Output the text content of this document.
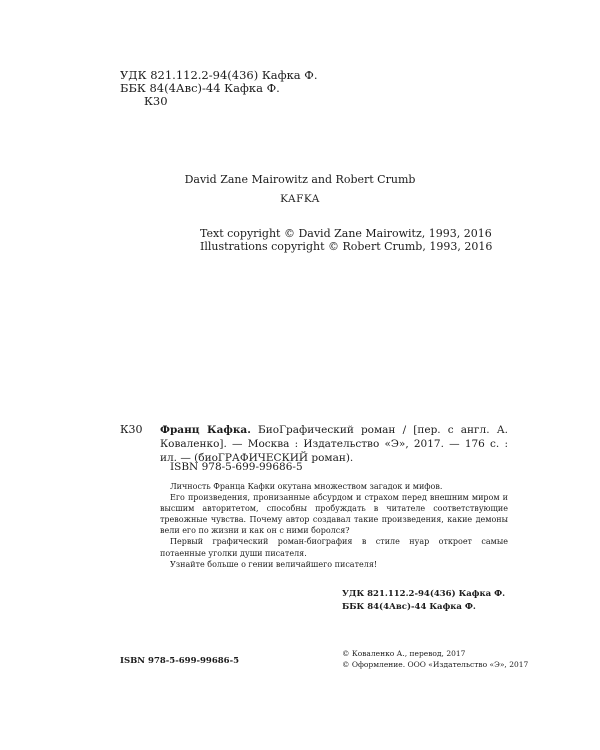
УДК 821.112.2-94(436) Кафка Ф.
ББК 84(4Авс)-44 Кафка Ф.
К30
David Zane Mairowitz and Robert Crumb
KAFKA
Text copyright © David Zane Mairowitz, 1993, 2016
Illustrations copyright © Robert Crumb, 1993, 2016
К30 Франц Кафка. БиоГрафический роман / [пер. с англ. А. Коваленко]. — Москва : Издательство «Э», 2017. — 176 с. : ил. — (биоГРАФИЧЕСКИЙ роман).
ISBN 978-5-699-99686-5

Личность Франца Кафки окутана множеством загадок и мифов.

Его произведения, пронизанные абсурдом и страхом перед внешним миром и высшим авторитетом, способны пробуждать в читателе соответствующие тревожные чувства. Почему автор создавал такие произведения, какие демоны вели его по жизни и как он с ними боролся?

Первый графический роман-биография в стиле нуар откроет самые потаенные уголки души писателя.

Узнайте больше о гении величайшего писателя!

УДК 821.112.2-94(436) Кафка Ф.
ББК 84(4Авс)-44 Кафка Ф.
ISBN 978-5-699-99686-5
© Коваленко А., перевод, 2017
© Оформление. ООО «Издательство «Э», 2017
